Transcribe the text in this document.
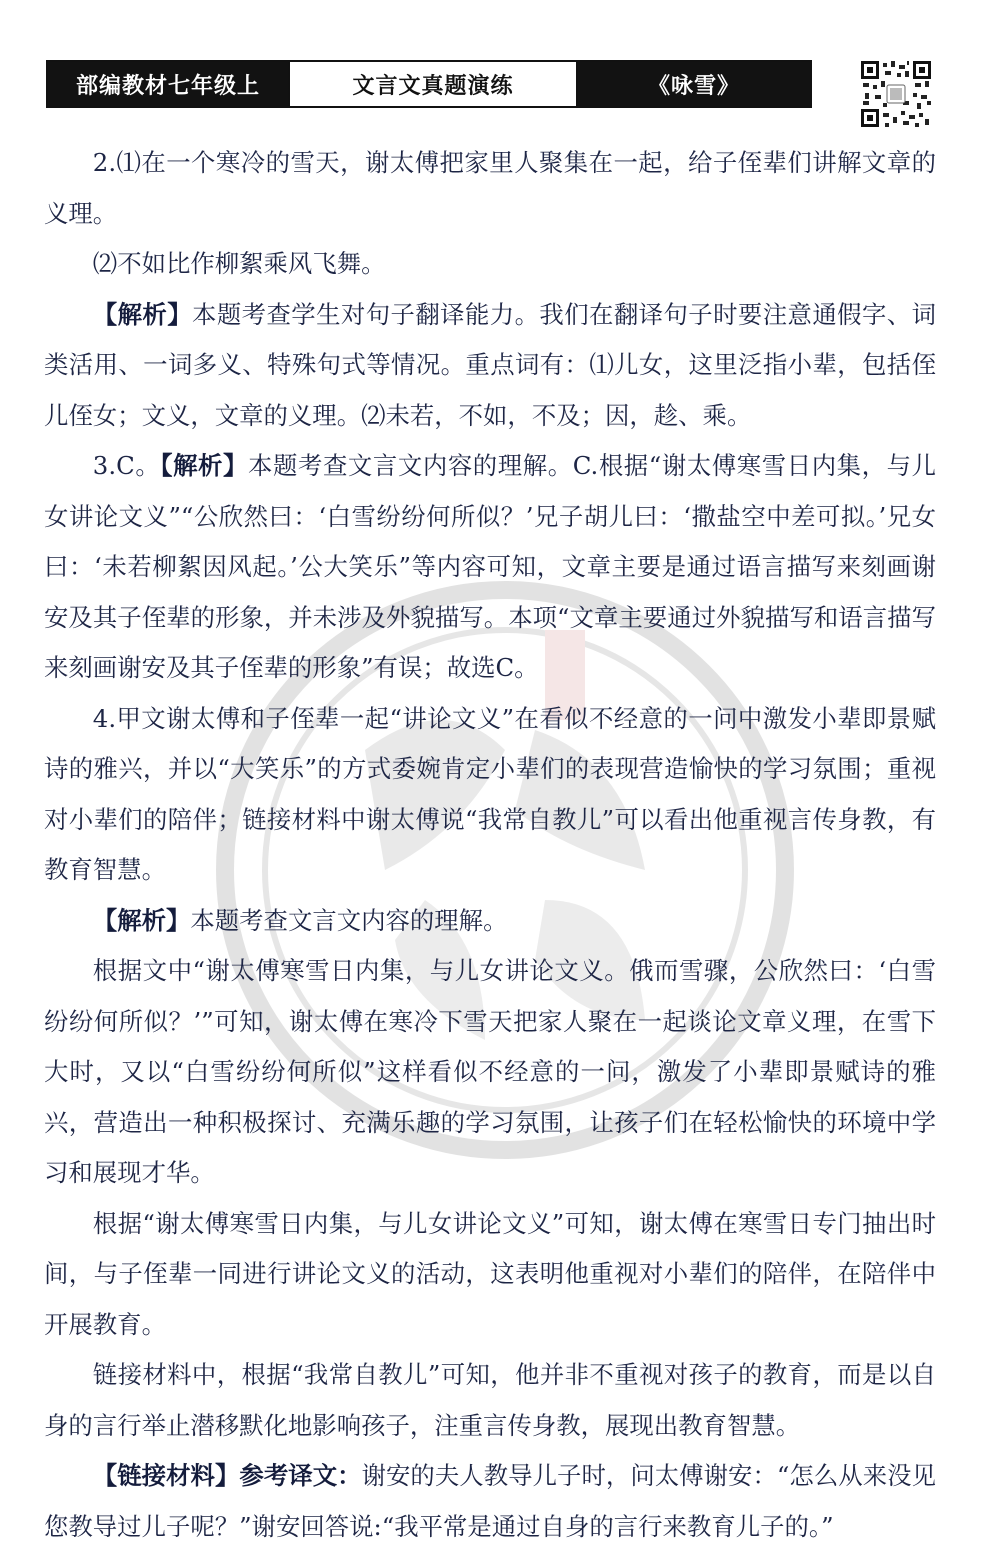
部编教材七年级上	文言文真题演练	《咏雪》

2.⑴在一个寒冷的雪天，谢太傅把家里人聚集在一起，给子侄辈们讲解文章的义理。

⑵不如比作柳絮乘风飞舞。

【解析】本题考查学生对句子翻译能力。我们在翻译句子时要注意通假字、词类活用、一词多义、特殊句式等情况。重点词有：⑴儿女，这里泛指小辈，包括侄儿侄女；文义，文章的义理。⑵未若，不如，不及；因，趁、乘。

3.C。【解析】本题考查文言文内容的理解。C.根据“谢太傅寒雪日内集，与儿女讲论文义”“公欣然曰：‘白雪纷纷何所似？’兄子胡儿曰：‘撒盐空中差可拟。’兄女曰：‘未若柳絮因风起。’公大笑乐”等内容可知，文章主要是通过语言描写来刻画谢安及其子侄辈的形象，并未涉及外貌描写。本项“文章主要通过外貌描写和语言描写来刻画谢安及其子侄辈的形象”有误；故选C。

4.甲文谢太傅和子侄辈一起“讲论文义”在看似不经意的一问中激发小辈即景赋诗的雅兴，并以“大笑乐”的方式委婉肯定小辈们的表现营造愉快的学习氛围；重视对小辈们的陪伴；链接材料中谢太傅说“我常自教儿”可以看出他重视言传身教，有教育智慧。

【解析】本题考查文言文内容的理解。

根据文中“谢太傅寒雪日内集，与儿女讲论文义。俄而雪骤，公欣然曰：‘白雪纷纷何所似？’”可知，谢太傅在寒冷下雪天把家人聚在一起谈论文章义理，在雪下大时，又以“白雪纷纷何所似”这样看似不经意的一问，激发了小辈即景赋诗的雅兴，营造出一种积极探讨、充满乐趣的学习氛围，让孩子们在轻松愉快的环境中学习和展现才华。

根据“谢太傅寒雪日内集，与儿女讲论文义”可知，谢太傅在寒雪日专门抽出时间，与子侄辈一同进行讲论文义的活动，这表明他重视对小辈们的陪伴，在陪伴中开展教育。

链接材料中，根据“我常自教儿”可知，他并非不重视对孩子的教育，而是以自身的言行举止潜移默化地影响孩子，注重言传身教，展现出教育智慧。

【链接材料】参考译文：谢安的夫人教导儿子时，问太傅谢安：“怎么从来没见您教导过儿子呢？”谢安回答说:“我平常是通过自身的言行来教育儿子的。”
